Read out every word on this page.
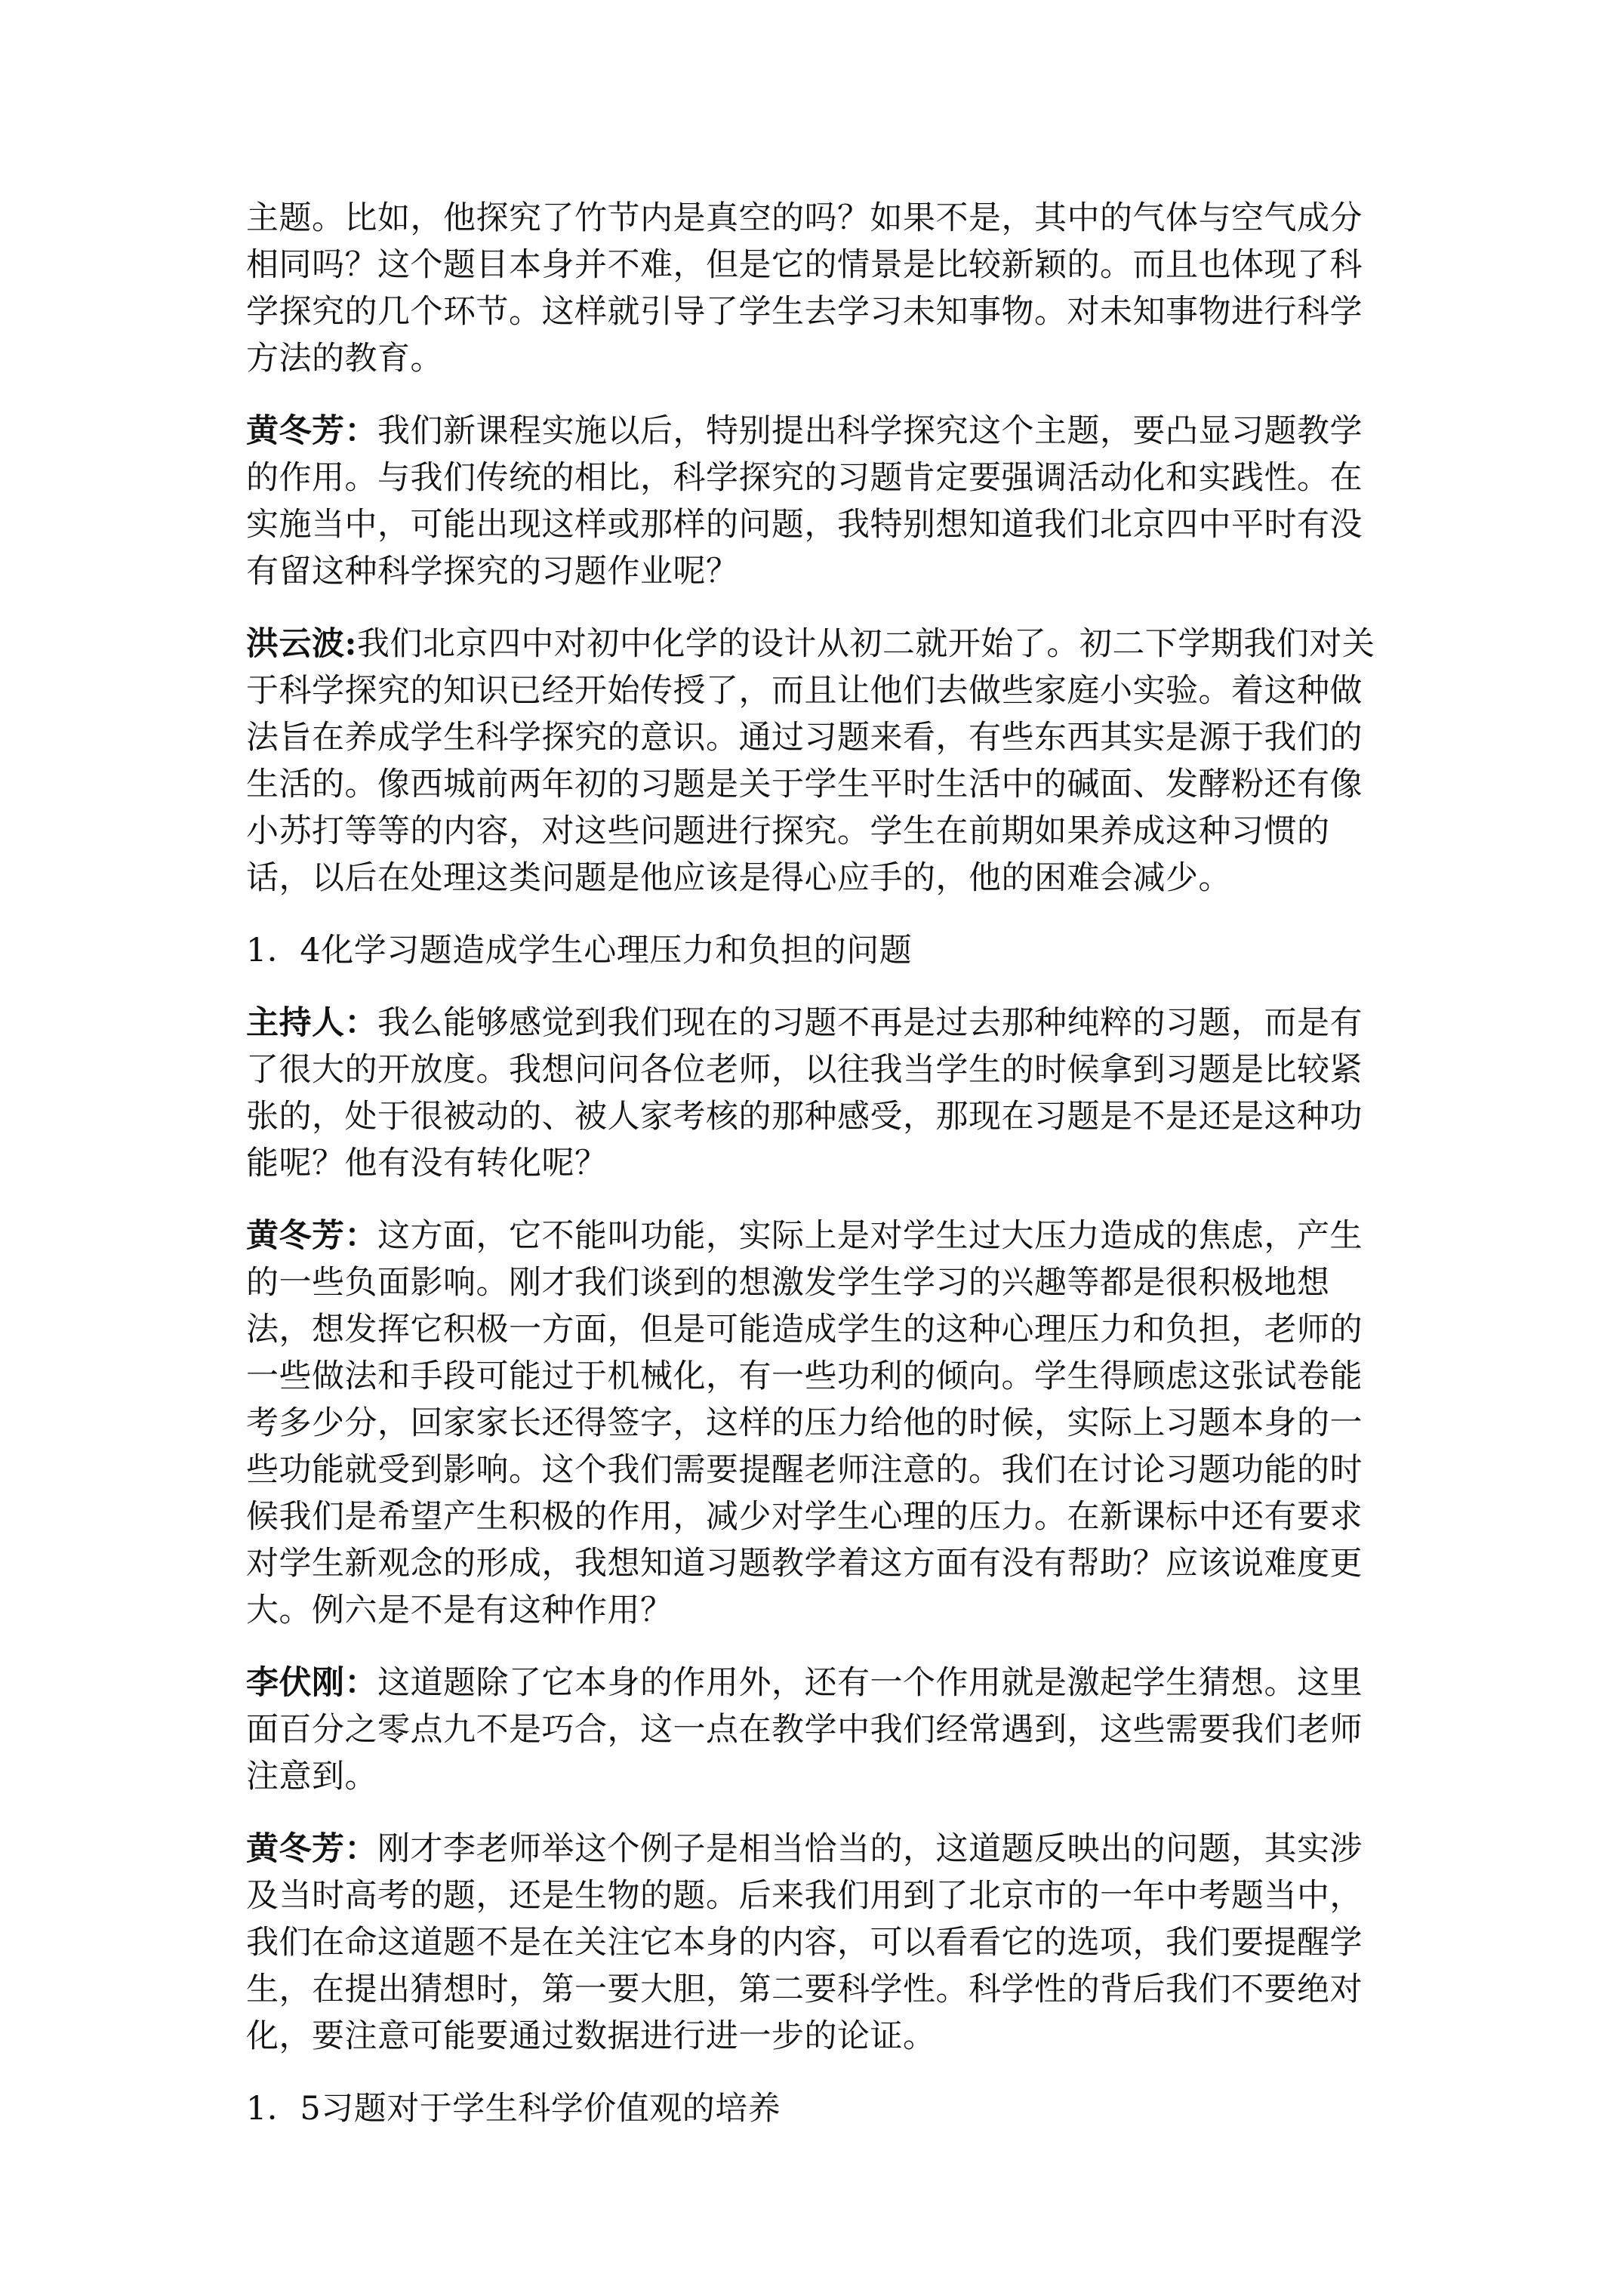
主题。比如，他探究了竹节内是真空的吗？如果不是，其中的气体与空气成分
相同吗？这个题目本身并不难，但是它的情景是比较新颖的。而且也体现了科
学探究的几个环节。这样就引导了学生去学习未知事物。对未知事物进行科学
方法的教育。
黄冬芳：我们新课程实施以后，特别提出科学探究这个主题，要凸显习题教学
的作用。与我们传统的相比，科学探究的习题肯定要强调活动化和实践性。在
实施当中，可能出现这样或那样的问题，我特别想知道我们北京四中平时有没
有留这种科学探究的习题作业呢？
洪云波:我们北京四中对初中化学的设计从初二就开始了。初二下学期我们对关
于科学探究的知识已经开始传授了，而且让他们去做些家庭小实验。着这种做
法旨在养成学生科学探究的意识。通过习题来看，有些东西其实是源于我们的
生活的。像西城前两年初的习题是关于学生平时生活中的碱面、发酵粉还有像
小苏打等等的内容，对这些问题进行探究。学生在前期如果养成这种习惯的
话，以后在处理这类问题是他应该是得心应手的，他的困难会减少。
1．4化学习题造成学生心理压力和负担的问题
主持人：我么能够感觉到我们现在的习题不再是过去那种纯粹的习题，而是有
了很大的开放度。我想问问各位老师，以往我当学生的时候拿到习题是比较紧
张的，处于很被动的、被人家考核的那种感受，那现在习题是不是还是这种功
能呢？他有没有转化呢？
黄冬芳：这方面，它不能叫功能，实际上是对学生过大压力造成的焦虑，产生
的一些负面影响。刚才我们谈到的想激发学生学习的兴趣等都是很积极地想
法，想发挥它积极一方面，但是可能造成学生的这种心理压力和负担，老师的
一些做法和手段可能过于机械化，有一些功利的倾向。学生得顾虑这张试卷能
考多少分，回家家长还得签字，这样的压力给他的时候，实际上习题本身的一
些功能就受到影响。这个我们需要提醒老师注意的。我们在讨论习题功能的时
候我们是希望产生积极的作用，减少对学生心理的压力。在新课标中还有要求
对学生新观念的形成，我想知道习题教学着这方面有没有帮助？应该说难度更
大。例六是不是有这种作用？
李伏刚：这道题除了它本身的作用外，还有一个作用就是激起学生猜想。这里
面百分之零点九不是巧合，这一点在教学中我们经常遇到，这些需要我们老师
注意到。
黄冬芳：刚才李老师举这个例子是相当恰当的，这道题反映出的问题，其实涉
及当时高考的题，还是生物的题。后来我们用到了北京市的一年中考题当中，
我们在命这道题不是在关注它本身的内容，可以看看它的选项，我们要提醒学
生，在提出猜想时，第一要大胆，第二要科学性。科学性的背后我们不要绝对
化，要注意可能要通过数据进行进一步的论证。
1．5习题对于学生科学价值观的培养
